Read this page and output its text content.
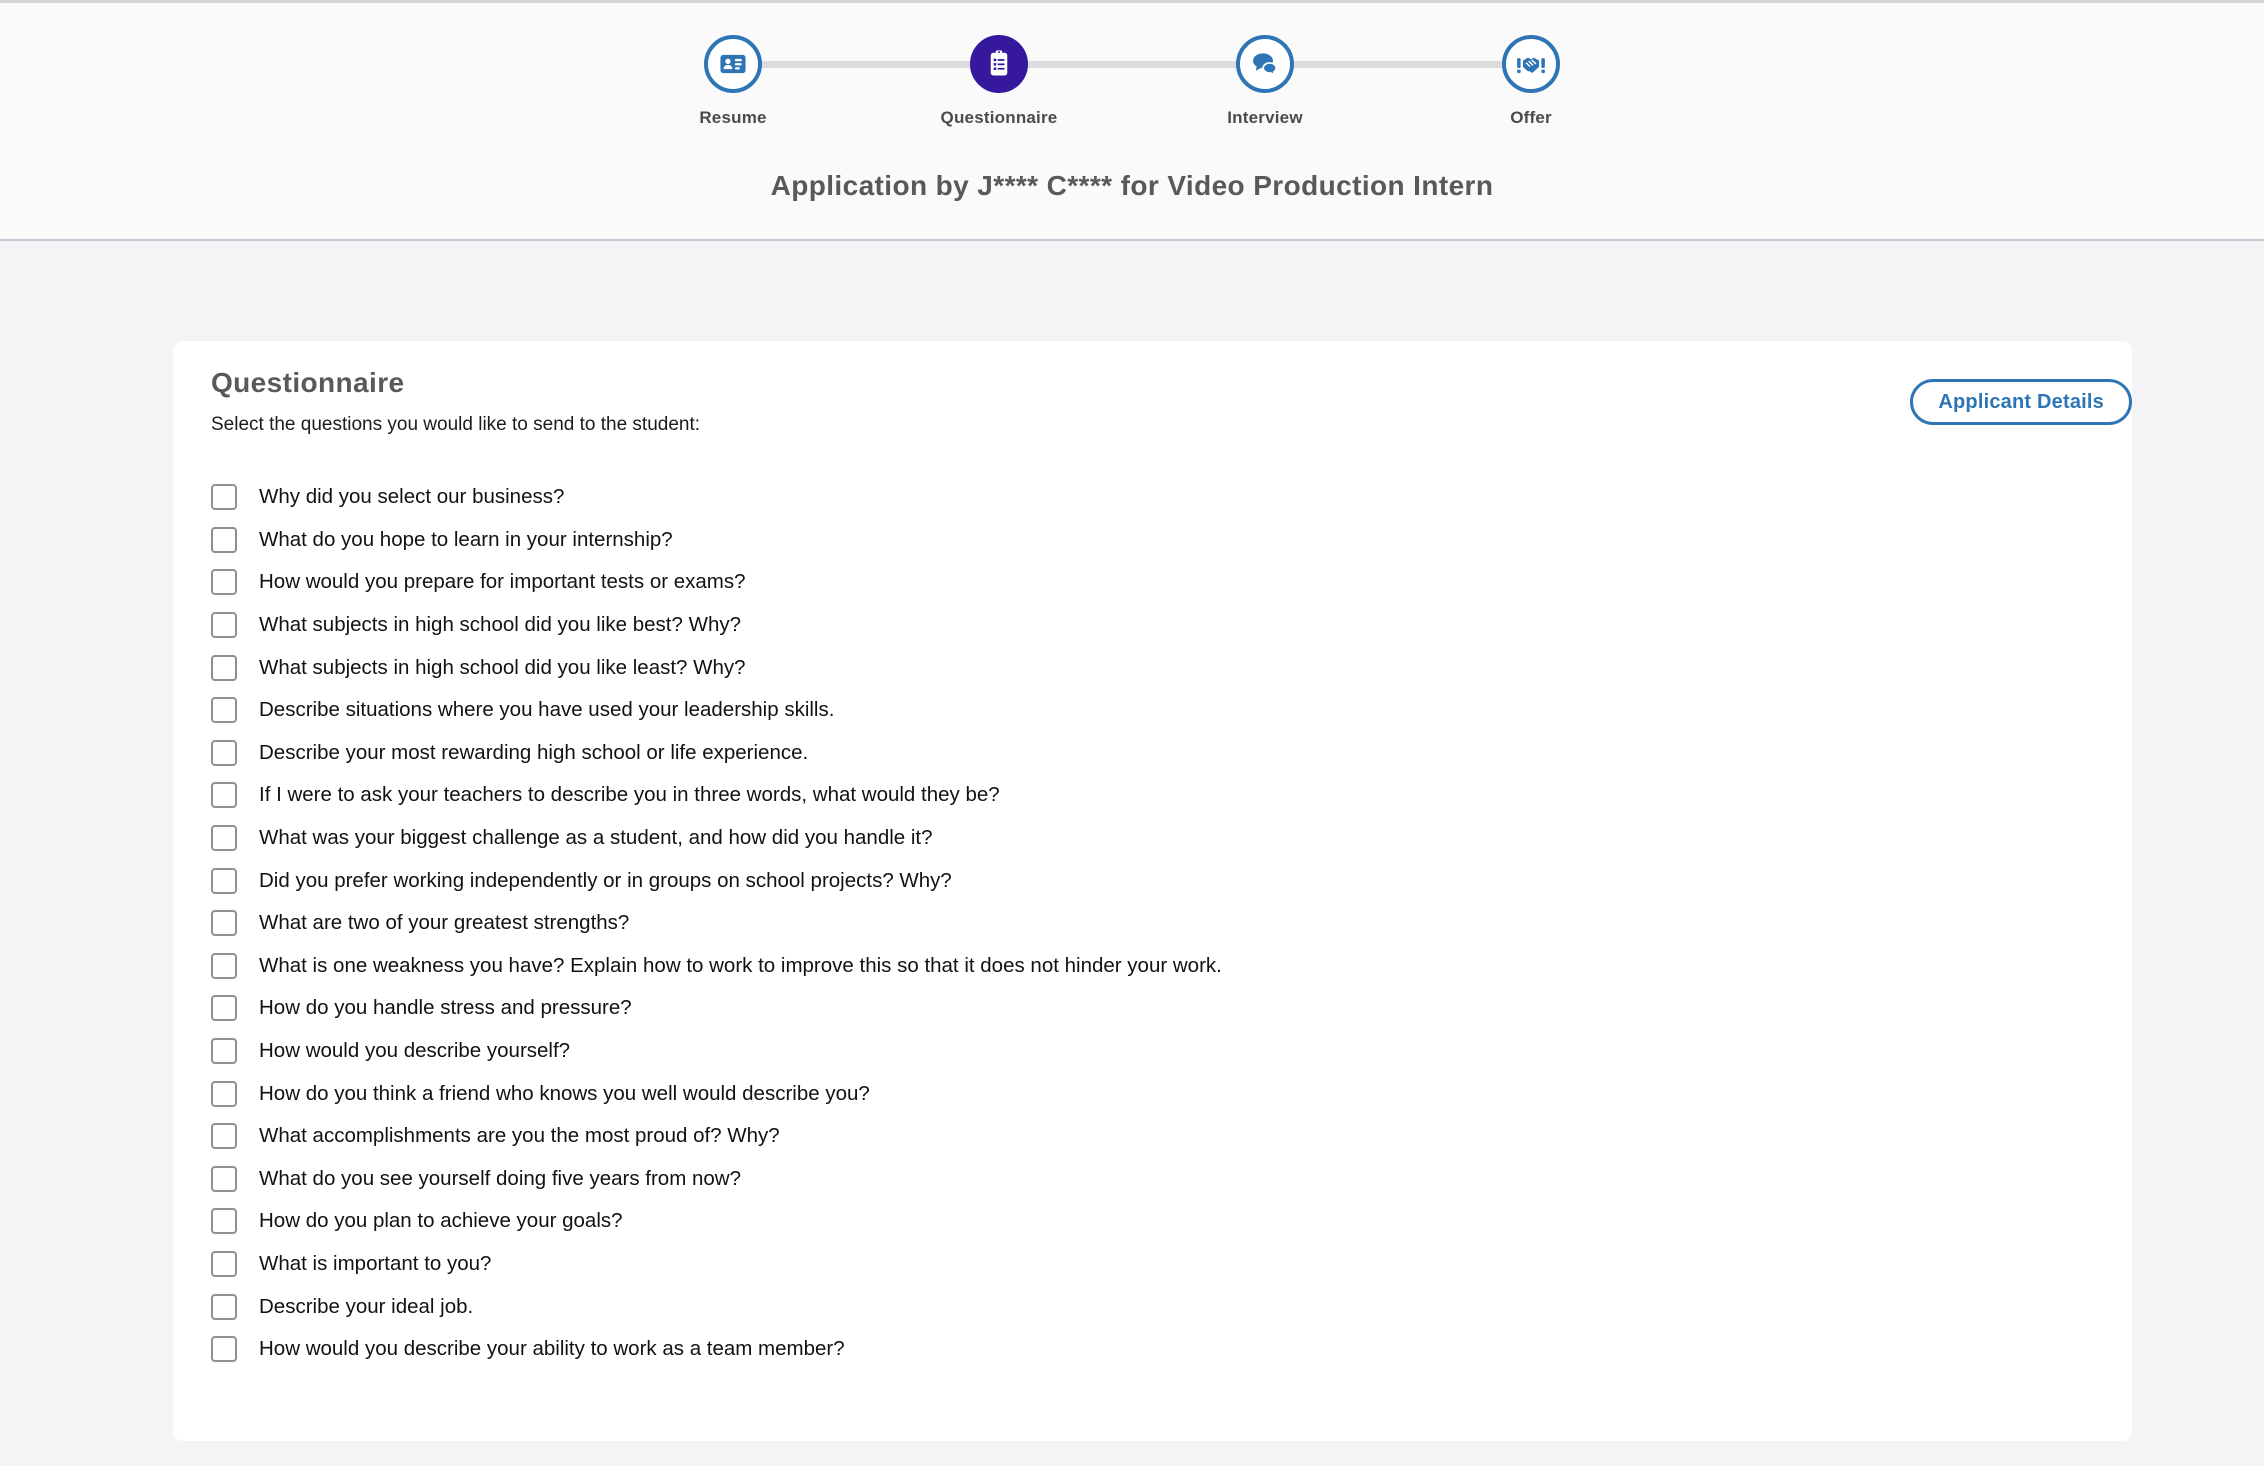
Resume	Questionnaire	Interview	Offer
Application by J**** C**** for Video Production Intern
Applicant Details
Questionnaire

Select the questions you would like to send to the student:

Why did you select our business?
What do you hope to learn in your internship?
How would you prepare for important tests or exams?
What subjects in high school did you like best? Why?
What subjects in high school did you like least? Why?
Describe situations where you have used your leadership skills.
Describe your most rewarding high school or life experience.
If I were to ask your teachers to describe you in three words, what would they be?
What was your biggest challenge as a student, and how did you handle it?
Did you prefer working independently or in groups on school projects? Why?
What are two of your greatest strengths?
What is one weakness you have? Explain how to work to improve this so that it does not hinder your work.
How do you handle stress and pressure?
How would you describe yourself?
How do you think a friend who knows you well would describe you?
What accomplishments are you the most proud of? Why?
What do you see yourself doing five years from now?
How do you plan to achieve your goals?
What is important to you?
Describe your ideal job.
How would you describe your ability to work as a team member?
